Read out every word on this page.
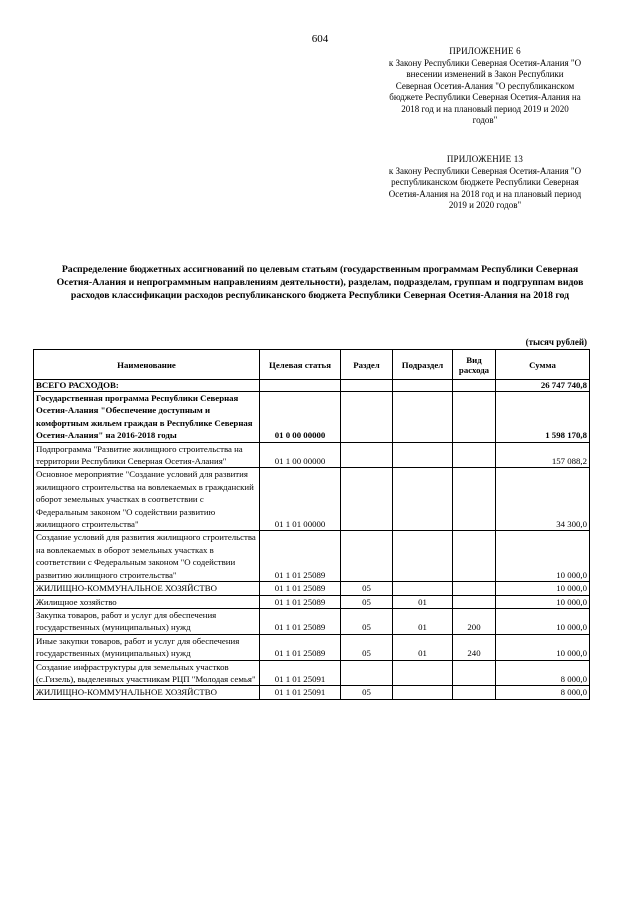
604
ПРИЛОЖЕНИЕ 6
к Закону Республики Северная Осетия-Алания "О внесении изменений в Закон Республики Северная Осетия-Алания "О республиканском бюджете Республики Северная Осетия-Алания на 2018 год и на плановый период 2019 и 2020 годов"
ПРИЛОЖЕНИЕ 13
к Закону Республики Северная Осетия-Алания "О республиканском бюджете Республики Северная Осетия-Алания на 2018 год и на плановый период 2019 и 2020 годов"
Распределение бюджетных ассигнований по целевым статьям (государственным программам Республики Северная Осетия-Алания и непрограммным направлениям деятельности), разделам, подразделам, группам и подгруппам видов расходов классификации расходов республиканского бюджета Республики Северная Осетия-Алания на 2018 год
(тысяч рублей)
Наименование	Целевая статья	Раздел	Подраздел	Вид расхода	Сумма
ВСЕГО РАСХОДОВ:					26 747 740,8
Государственная программа Республики Северная Осетия-Алания "Обеспечение доступным и комфортным жильем граждан в Республике Северная Осетия-Алания" на 2016-2018 годы	01 0 00 00000				1 598 170,8
Подпрограмма "Развитие жилищного строительства на территории Республики Северная Осетия-Алания"	01 1 00 00000				157 088,2
Основное мероприятие "Создание условий для развития жилищного строительства на вовлекаемых в гражданский оборот земельных участках в соответствии с Федеральным законом "О содействии развитию жилищного строительства"	01 1 01 00000				34 300,0
Создание условий для развития жилищного строительства на вовлекаемых в оборот земельных участках в соответствии с Федеральным законом "О содействии развитию жилищного строительства"	01 1 01 25089				10 000,0
ЖИЛИЩНО-КОММУНАЛЬНОЕ ХОЗЯЙСТВО	01 1 01 25089	05			10 000,0
Жилищное хозяйство	01 1 01 25089	05	01		10 000,0
Закупка товаров, работ и услуг для обеспечения государственных (муниципальных) нужд	01 1 01 25089	05	01	200	10 000,0
Иные закупки товаров, работ и услуг для обеспечения государственных (муниципальных) нужд	01 1 01 25089	05	01	240	10 000,0
Создание инфраструктуры для земельных участков (с.Гизель), выделенных участникам РЦП "Молодая семья"	01 1 01 25091				8 000,0
ЖИЛИЩНО-КОММУНАЛЬНОЕ ХОЗЯЙСТВО	01 1 01 25091	05			8 000,0
